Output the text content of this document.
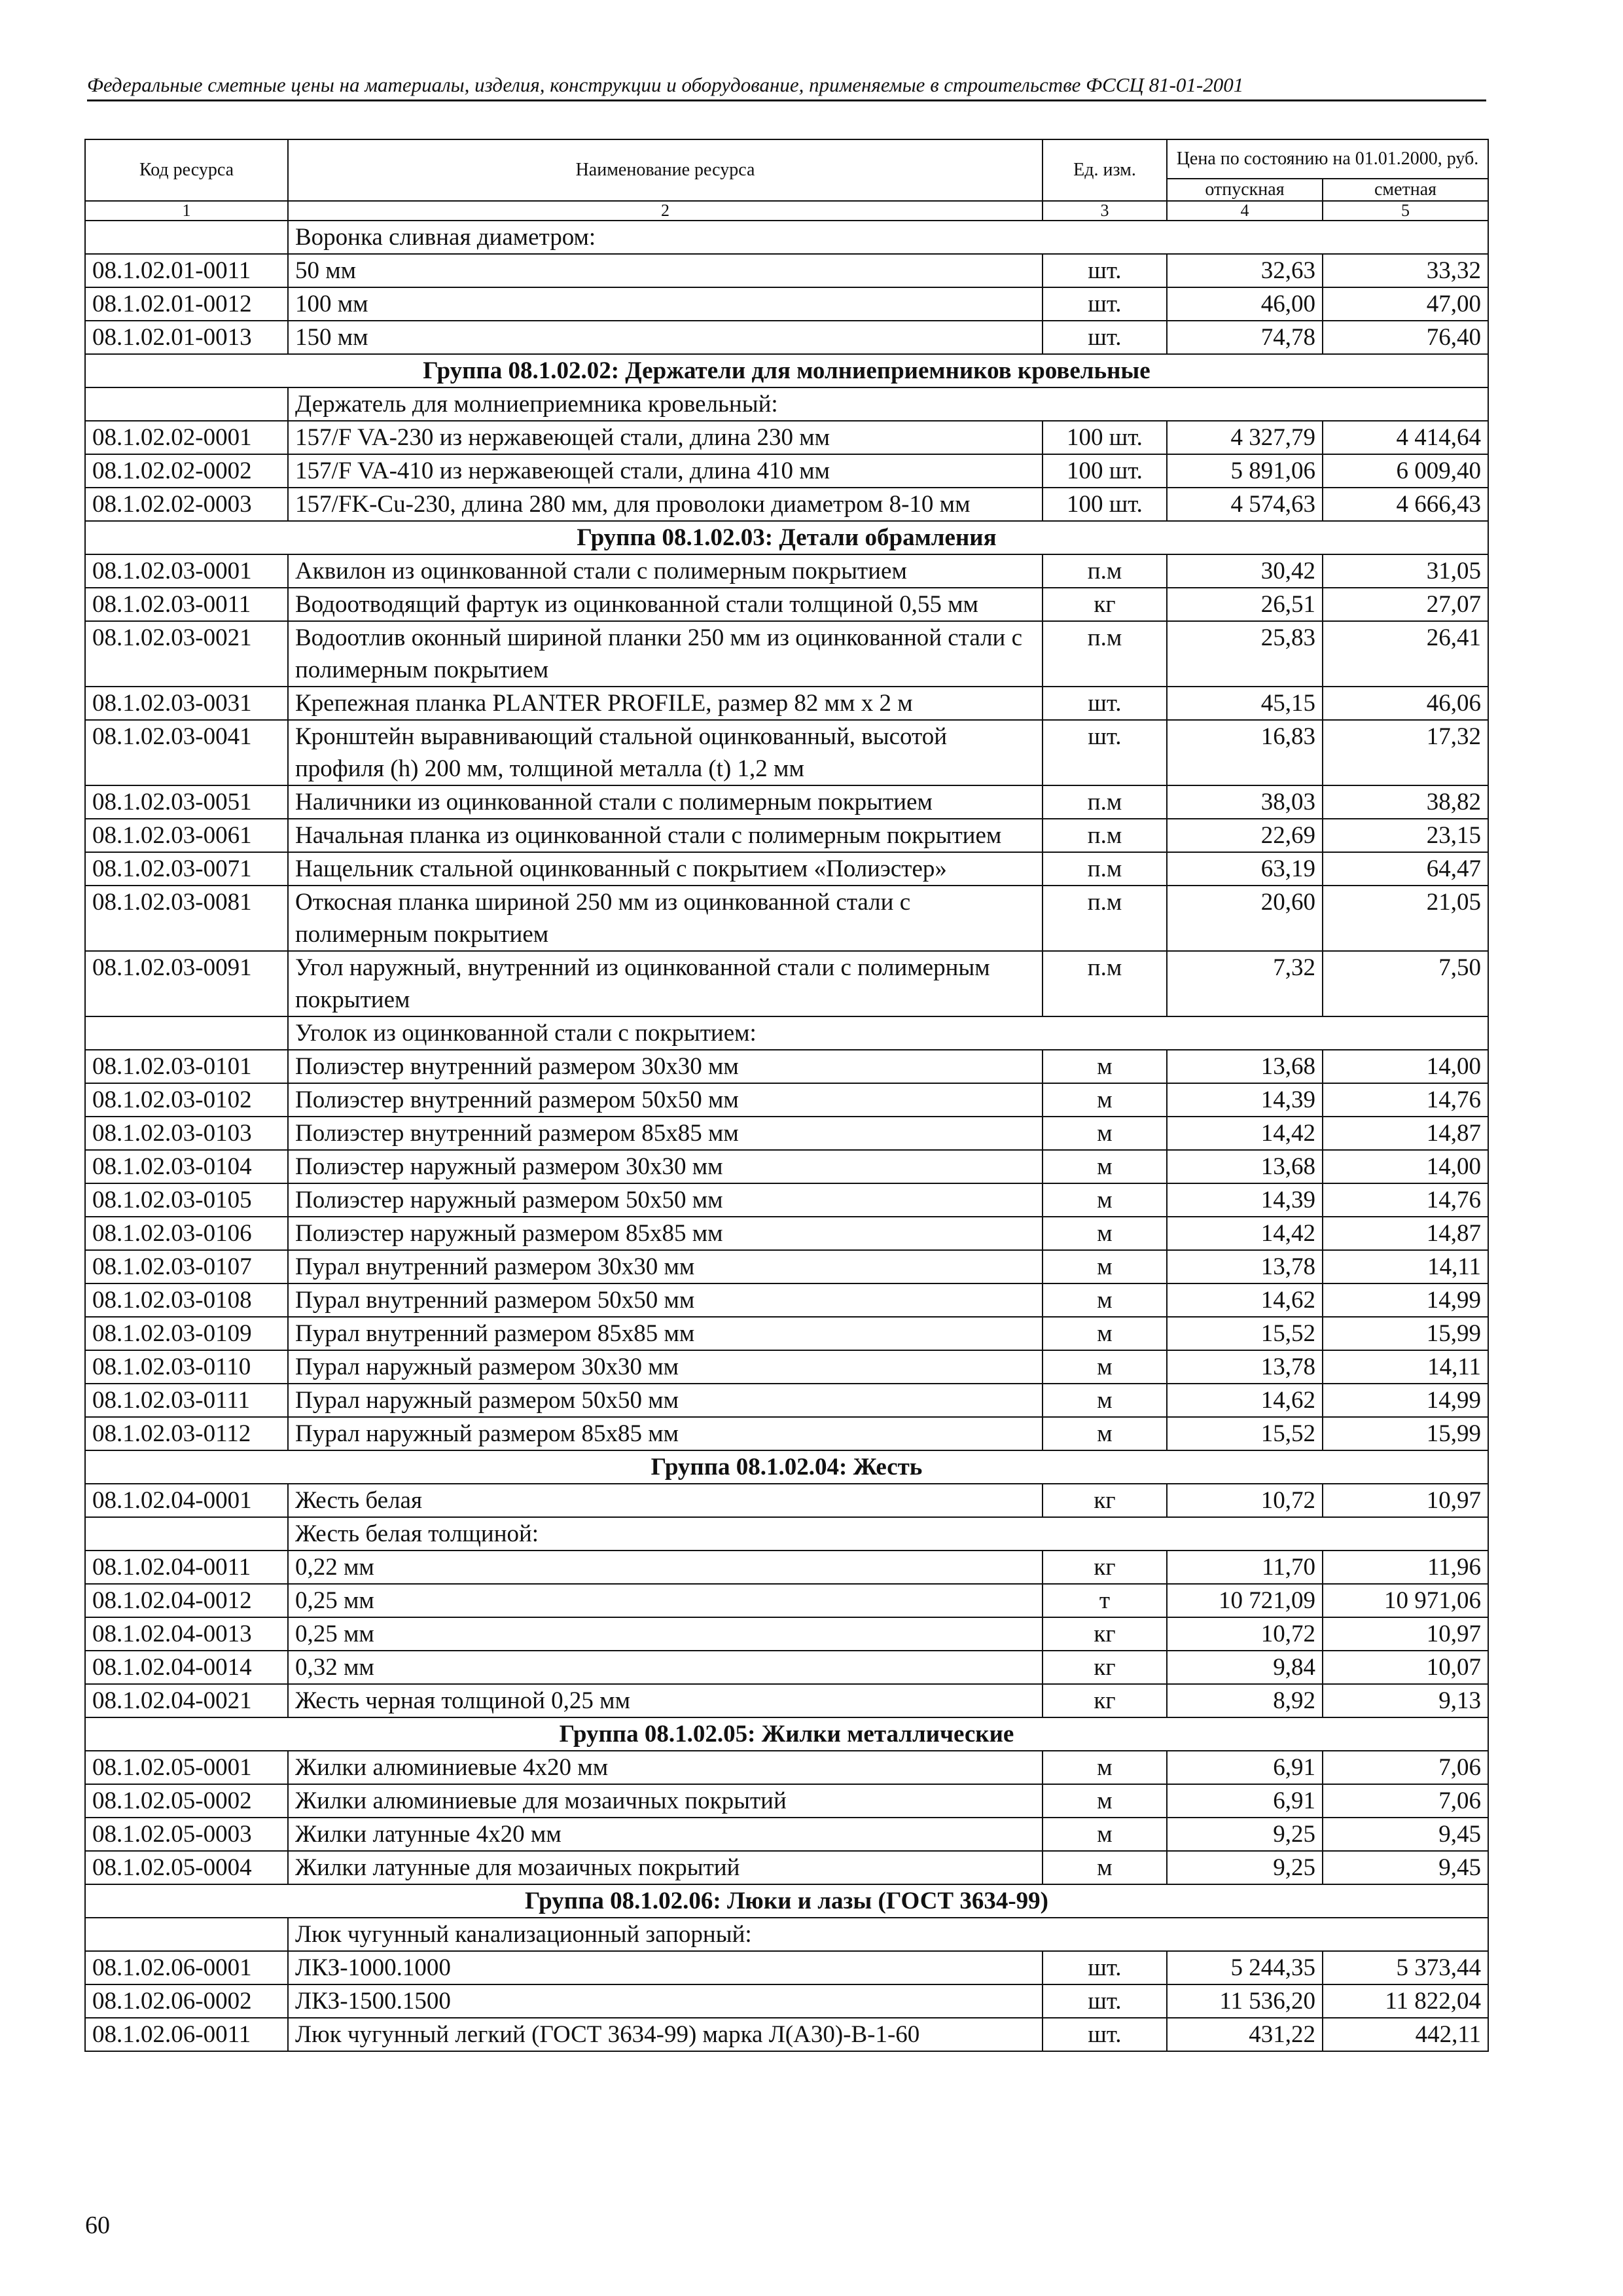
Федеральные сметные цены на материалы, изделия, конструкции и оборудование, применяемые в строительстве ФССЦ 81-01-2001
Код ресурса	Наименование ресурса	Ед. изм.	Цена по состоянию на 01.01.2000, руб.	
			отпускная	сметная
1	2	3	4	5
	Воронка сливная диаметром:			
08.1.02.01-0011	50 мм	шт.	32,63	33,32
08.1.02.01-0012	100 мм	шт.	46,00	47,00
08.1.02.01-0013	150 мм	шт.	74,78	76,40
Группа 08.1.02.02: Держатели для молниеприемников кровельные				
	Держатель для молниеприемника кровельный:			
08.1.02.02-0001	157/F VA-230 из нержавеющей стали, длина 230 мм	100 шт.	4 327,79	4 414,64
08.1.02.02-0002	157/F VA-410 из нержавеющей стали, длина 410 мм	100 шт.	5 891,06	6 009,40
08.1.02.02-0003	157/FK-Cu-230, длина 280 мм, для проволоки диаметром 8-10 мм	100 шт.	4 574,63	4 666,43
Группа 08.1.02.03: Детали обрамления				
08.1.02.03-0001	Аквилон из оцинкованной стали с полимерным покрытием	п.м	30,42	31,05
08.1.02.03-0011	Водоотводящий фартук из оцинкованной стали толщиной 0,55 мм	кг	26,51	27,07
08.1.02.03-0021	Водоотлив оконный шириной планки 250 мм из оцинкованной стали с полимерным покрытием	п.м	25,83	26,41
08.1.02.03-0031	Крепежная планка PLANTER PROFILE, размер 82 мм x 2 м	шт.	45,15	46,06
08.1.02.03-0041	Кронштейн выравнивающий стальной оцинкованный, высотой профиля (h) 200 мм, толщиной металла (t) 1,2 мм	шт.	16,83	17,32
08.1.02.03-0051	Наличники из оцинкованной стали с полимерным покрытием	п.м	38,03	38,82
08.1.02.03-0061	Начальная планка из оцинкованной стали с полимерным покрытием	п.м	22,69	23,15
08.1.02.03-0071	Нащельник стальной оцинкованный с покрытием «Полиэстер»	п.м	63,19	64,47
08.1.02.03-0081	Откосная планка шириной 250 мм из оцинкованной стали с полимерным покрытием	п.м	20,60	21,05
08.1.02.03-0091	Угол наружный, внутренний из оцинкованной стали с полимерным покрытием	п.м	7,32	7,50
	Уголок из оцинкованной стали с покрытием:			
08.1.02.03-0101	Полиэстер внутренний размером 30x30 мм	м	13,68	14,00
08.1.02.03-0102	Полиэстер внутренний размером 50x50 мм	м	14,39	14,76
08.1.02.03-0103	Полиэстер внутренний размером 85x85 мм	м	14,42	14,87
08.1.02.03-0104	Полиэстер наружный размером 30x30 мм	м	13,68	14,00
08.1.02.03-0105	Полиэстер наружный размером 50x50 мм	м	14,39	14,76
08.1.02.03-0106	Полиэстер наружный размером 85x85 мм	м	14,42	14,87
08.1.02.03-0107	Пурал внутренний размером 30x30 мм	м	13,78	14,11
08.1.02.03-0108	Пурал внутренний размером 50x50 мм	м	14,62	14,99
08.1.02.03-0109	Пурал внутренний размером 85x85 мм	м	15,52	15,99
08.1.02.03-0110	Пурал наружный размером 30x30 мм	м	13,78	14,11
08.1.02.03-0111	Пурал наружный размером 50x50 мм	м	14,62	14,99
08.1.02.03-0112	Пурал наружный размером 85x85 мм	м	15,52	15,99
Группа 08.1.02.04: Жесть				
08.1.02.04-0001	Жесть белая	кг	10,72	10,97
	Жесть белая толщиной:			
08.1.02.04-0011	0,22 мм	кг	11,70	11,96
08.1.02.04-0012	0,25 мм	т	10 721,09	10 971,06
08.1.02.04-0013	0,25 мм	кг	10,72	10,97
08.1.02.04-0014	0,32 мм	кг	9,84	10,07
08.1.02.04-0021	Жесть черная толщиной 0,25 мм	кг	8,92	9,13
Группа 08.1.02.05: Жилки металлические				
08.1.02.05-0001	Жилки алюминиевые 4x20 мм	м	6,91	7,06
08.1.02.05-0002	Жилки алюминиевые для мозаичных покрытий	м	6,91	7,06
08.1.02.05-0003	Жилки латунные 4x20 мм	м	9,25	9,45
08.1.02.05-0004	Жилки латунные для мозаичных покрытий	м	9,25	9,45
Группа 08.1.02.06: Люки и лазы (ГОСТ 3634-99)				
	Люк чугунный канализационный запорный:			
08.1.02.06-0001	ЛКЗ-1000.1000	шт.	5 244,35	5 373,44
08.1.02.06-0002	ЛКЗ-1500.1500	шт.	11 536,20	11 822,04
08.1.02.06-0011	Люк чугунный легкий (ГОСТ 3634-99) марка Л(А30)-В-1-60	шт.	431,22	442,11
60
